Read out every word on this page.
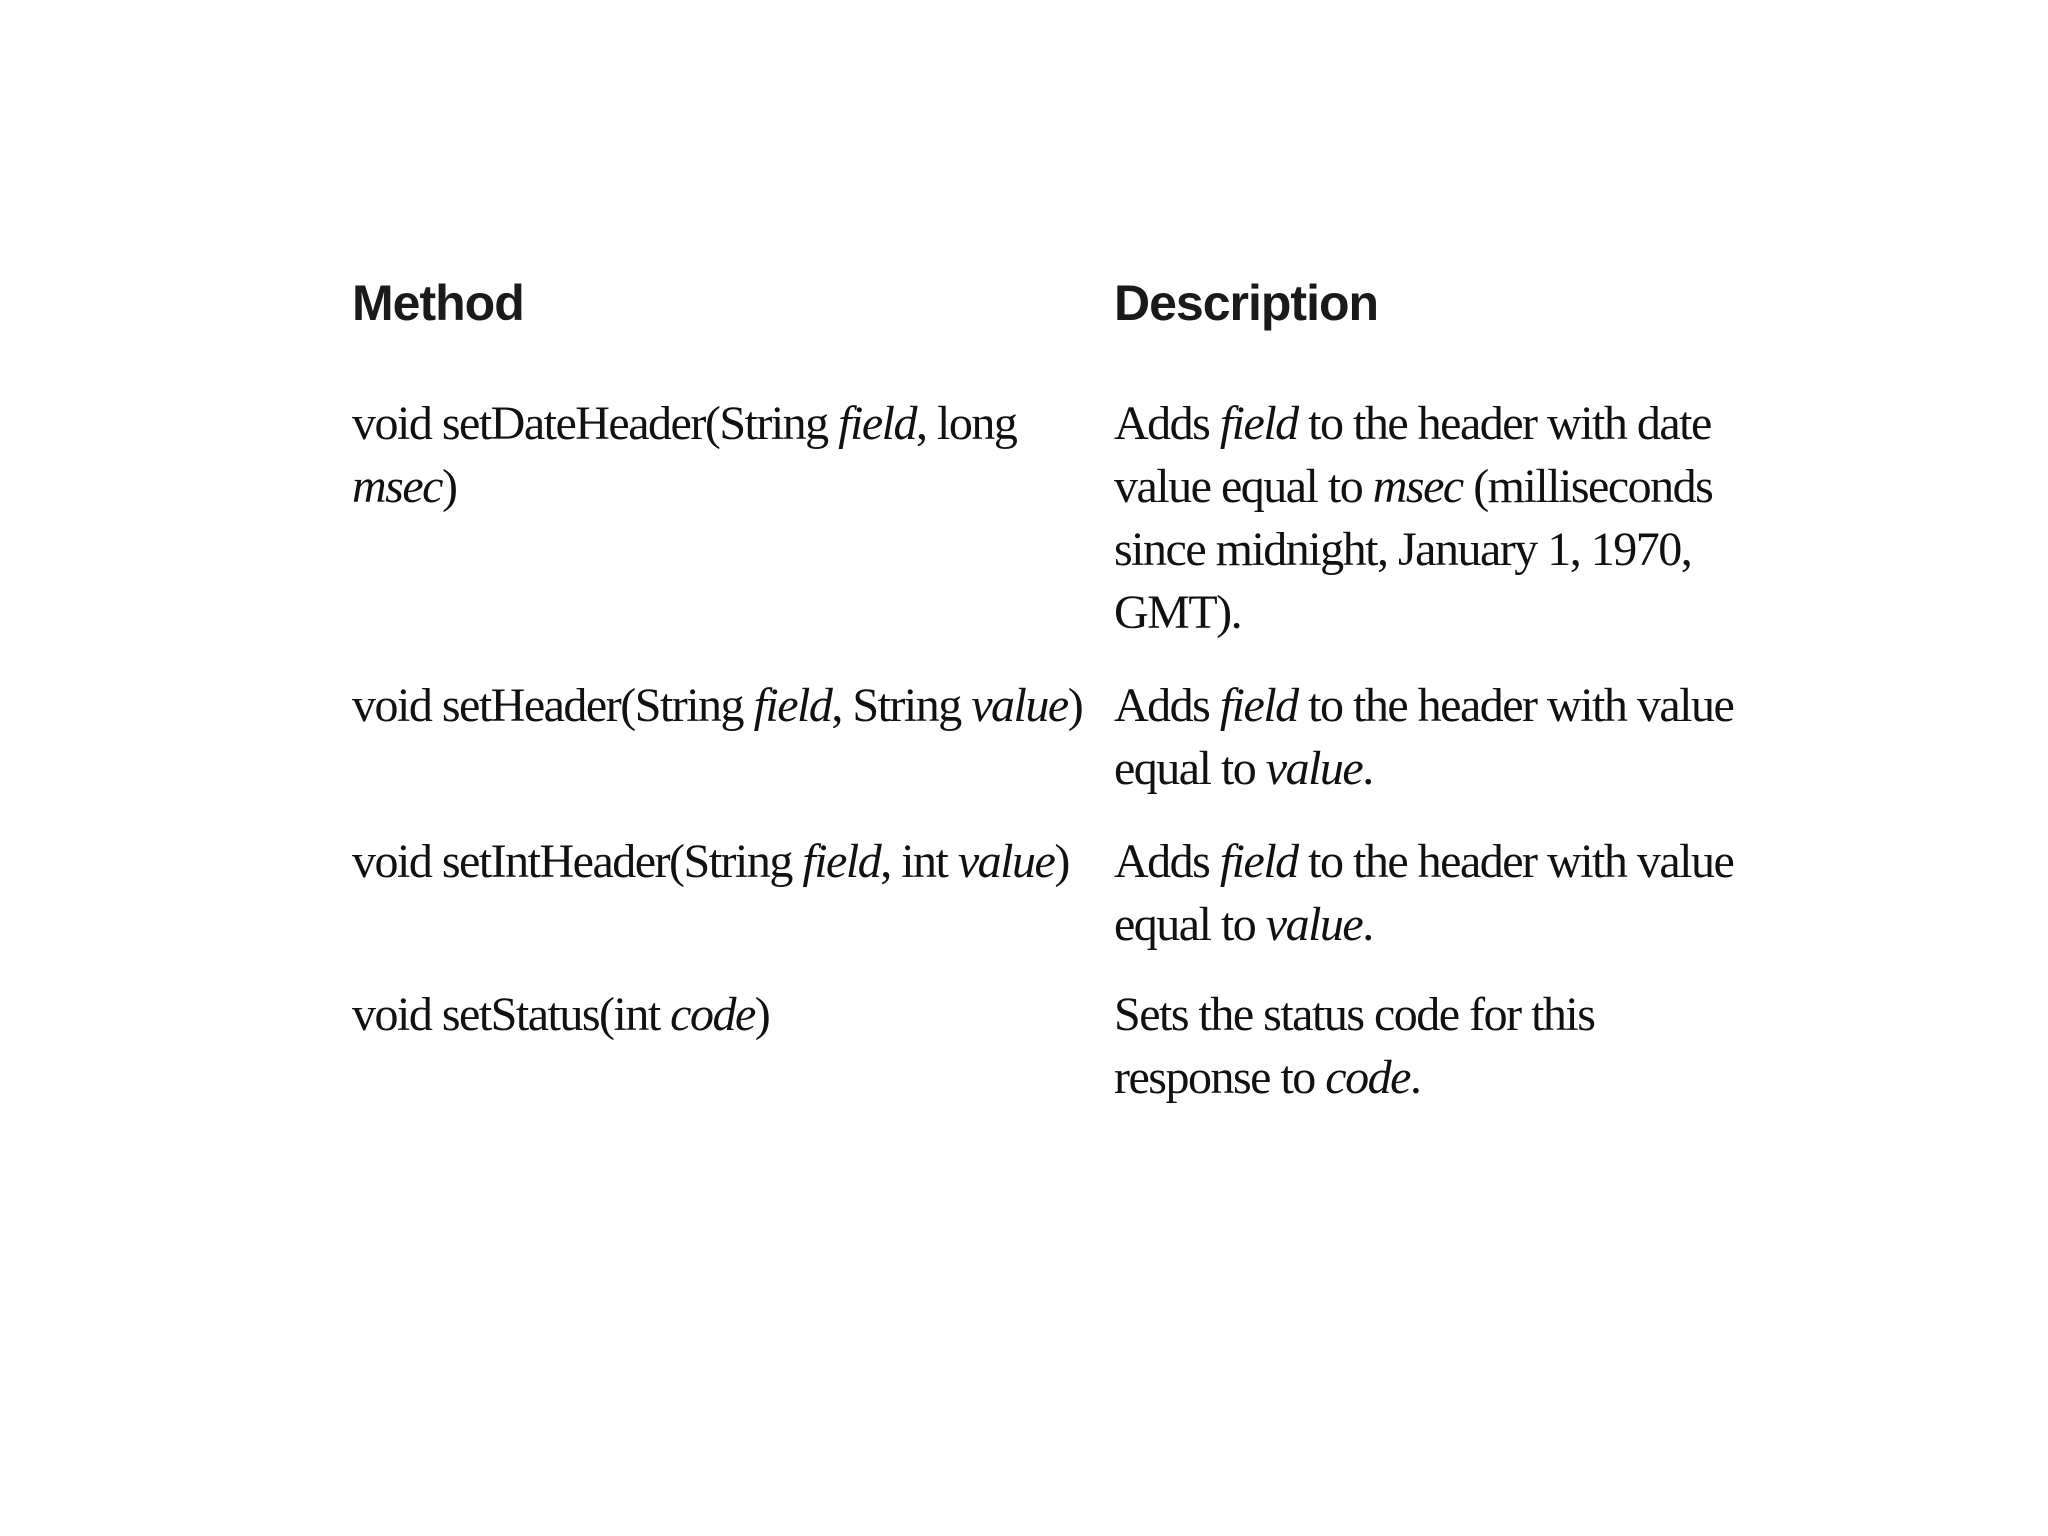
Method	Description
void setDateHeader(String field, long msec)
Adds field to the header with date value equal to msec (milliseconds since midnight, January 1, 1970, GMT).
void setHeader(String field, String value) Adds field to the header with value equal to value.
void setIntHeader(String field, int value) Adds field to the header with value equal to value.
void setStatus(int code)	Sets the status code for this response to code.
